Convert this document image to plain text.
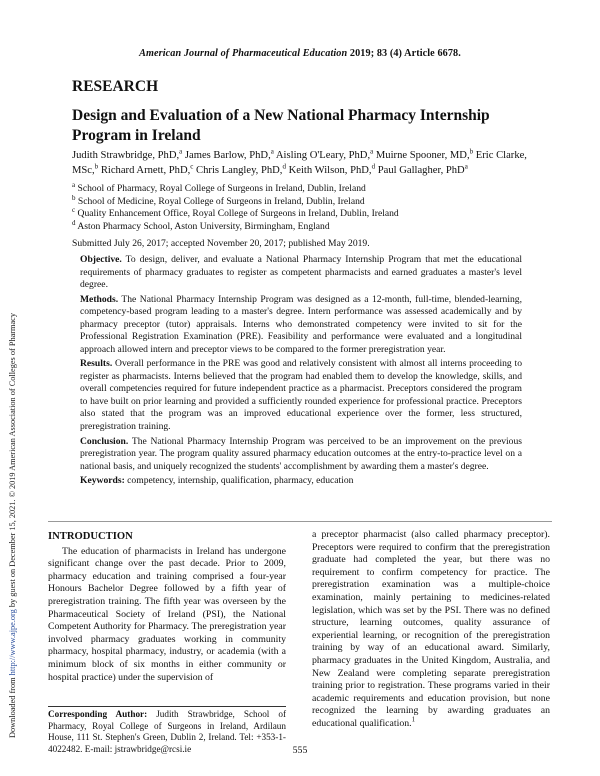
American Journal of Pharmaceutical Education 2019; 83 (4) Article 6678.
RESEARCH
Design and Evaluation of a New National Pharmacy Internship Program in Ireland
Judith Strawbridge, PhD,$^a$ James Barlow, PhD,$^a$ Aisling O'Leary, PhD,$^a$ Muirne Spooner, MD,$^b$ Eric Clarke, MSc,$^b$ Richard Arnett, PhD,$^c$ Chris Langley, PhD,$^d$ Keith Wilson, PhD,$^d$ Paul Gallagher, PhD$^a$
$^a$ School of Pharmacy, Royal College of Surgeons in Ireland, Dublin, Ireland
$^b$ School of Medicine, Royal College of Surgeons in Ireland, Dublin, Ireland
$^c$ Quality Enhancement Office, Royal College of Surgeons in Ireland, Dublin, Ireland
$^d$ Aston Pharmacy School, Aston University, Birmingham, England
Submitted July 26, 2017; accepted November 20, 2017; published May 2019.

Objective. To design, deliver, and evaluate a National Pharmacy Internship Program that met the educational requirements of pharmacy graduates to register as competent pharmacists and earned graduates a master's level degree.

Methods. The National Pharmacy Internship Program was designed as a 12-month, full-time, blended-learning, competency-based program leading to a master's degree. Intern performance was assessed academically and by pharmacy preceptor (tutor) appraisals. Interns who demonstrated competency were invited to sit for the Professional Registration Examination (PRE). Feasibility and performance were evaluated and a longitudinal approach allowed intern and preceptor views to be compared to the former preregistration year.

Results. Overall performance in the PRE was good and relatively consistent with almost all interns proceeding to register as pharmacists. Interns believed that the program had enabled them to develop the knowledge, skills, and overall competencies required for future independent practice as a pharmacist. Preceptors considered the program to have built on prior learning and provided a sufficiently rounded experience for professional practice. Preceptors also stated that the program was an improved educational experience over the former, less structured, preregistration training.

Conclusion. The National Pharmacy Internship Program was perceived to be an improvement on the previous preregistration year. The program quality assured pharmacy education outcomes at the entry-to-practice level on a national basis, and uniquely recognized the students' accomplishment by awarding them a master's degree.

Keywords: competency, internship, qualification, pharmacy, education

INTRODUCTION

The education of pharmacists in Ireland has undergone significant change over the past decade. Prior to 2009, pharmacy education and training comprised a four-year Honours Bachelor Degree followed by a fifth year of preregistration training. The fifth year was overseen by the Pharmaceutical Society of Ireland (PSI), the National Competent Authority for Pharmacy. The preregistration year involved pharmacy graduates working in community pharmacy, hospital pharmacy, industry, or academia (with a minimum block of six months in either community or hospital practice) under the supervision of

a preceptor pharmacist (also called pharmacy preceptor). Preceptors were required to confirm that the preregistration graduate had completed the year, but there was no requirement to confirm competency for practice. The preregistration examination was a multiple-choice examination, mainly pertaining to medicines-related legislation, which was set by the PSI. There was no defined structure, learning outcomes, quality assurance of experiential learning, or recognition of the preregistration training by way of an educational award. Similarly, pharmacy graduates in the United Kingdom, Australia, and New Zealand were completing separate preregistration training prior to registration. These programs varied in their academic requirements and education provision, but none recognized the learning by awarding graduates an educational qualification.$^1$

Corresponding Author: Judith Strawbridge, School of Pharmacy, Royal College of Surgeons in Ireland, Ardilaun House, 111 St. Stephen's Green, Dublin 2, Ireland. Tel: +353-1-4022482. E-mail: jstrawbridge@rcsi.ie	555
Downloaded from http://www.ajpe.org by guest on December 15, 2021. © 2019 American Association of Colleges of Pharmacy
